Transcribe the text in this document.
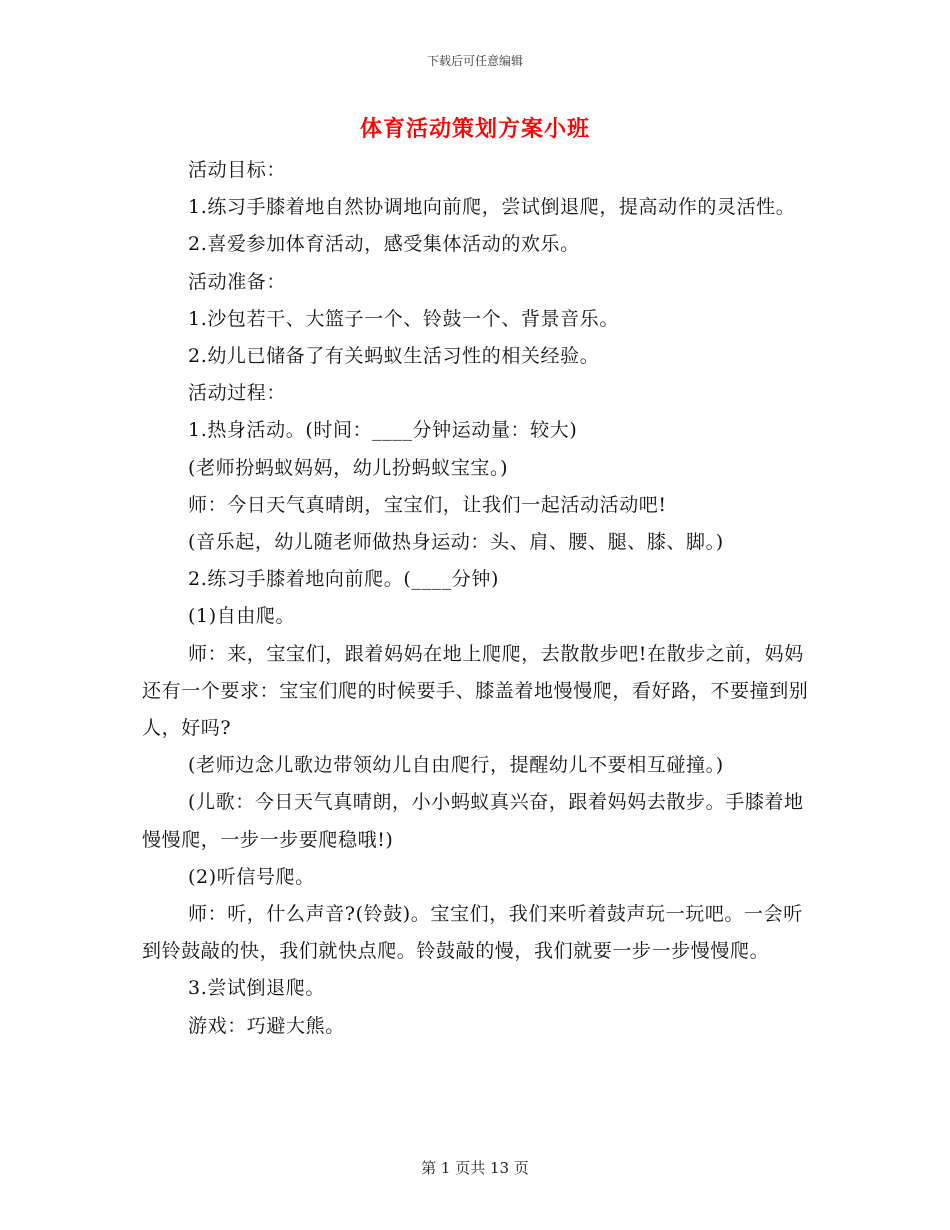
下载后可任意编辑
体育活动策划方案小班

活动目标：

1.练习手膝着地自然协调地向前爬，尝试倒退爬，提高动作的灵活性。

2.喜爱参加体育活动，感受集体活动的欢乐。

活动准备：

1.沙包若干、大篮子一个、铃鼓一个、背景音乐。

2.幼儿已储备了有关蚂蚁生活习性的相关经验。

活动过程：

1.热身活动。(时间：____分钟运动量：较大)

(老师扮蚂蚁妈妈，幼儿扮蚂蚁宝宝。)

师：今日天气真晴朗，宝宝们，让我们一起活动活动吧!

(音乐起，幼儿随老师做热身运动：头、肩、腰、腿、膝、脚。)

2.练习手膝着地向前爬。(____分钟)

(1)自由爬。

师：来，宝宝们，跟着妈妈在地上爬爬，去散散步吧!在散步之前，妈妈还有一个要求：宝宝们爬的时候要手、膝盖着地慢慢爬，看好路，不要撞到别人，好吗?

(老师边念儿歌边带领幼儿自由爬行，提醒幼儿不要相互碰撞。)

(儿歌：今日天气真晴朗，小小蚂蚁真兴奋，跟着妈妈去散步。手膝着地慢慢爬，一步一步要爬稳哦!)

(2)听信号爬。

师：听，什么声音?(铃鼓)。宝宝们，我们来听着鼓声玩一玩吧。一会听到铃鼓敲的快，我们就快点爬。铃鼓敲的慢，我们就要一步一步慢慢爬。

3.尝试倒退爬。

游戏：巧避大熊。

第 1 页共 13 页
